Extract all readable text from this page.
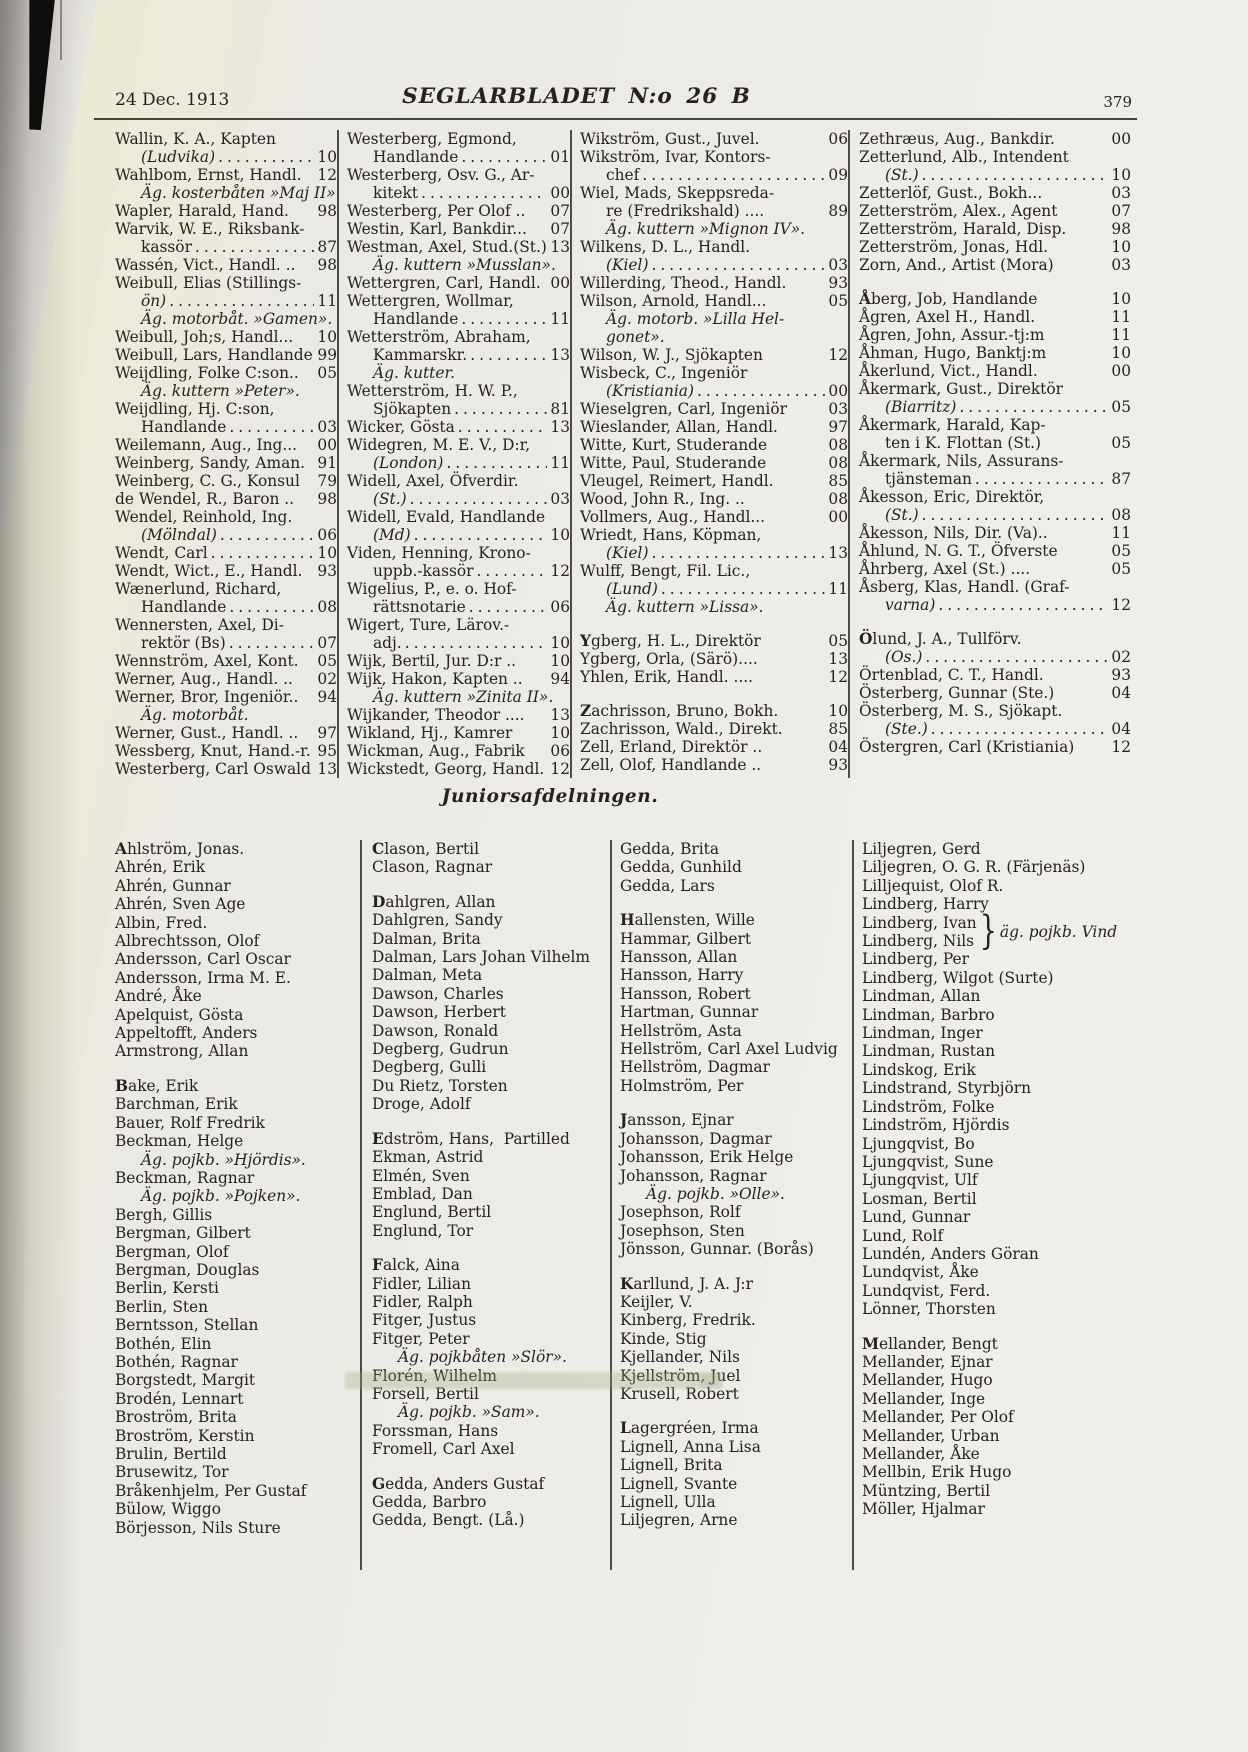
24 Dec. 1913	SEGLARBLADET N:o 26 B	379
Wallin, K. A., Kapten
(Ludvika) .....	10
Wahlbom, Ernst, Handl. 12
Äg. kosterbåten »Maj II».
Wapler, Harald, Hand. 98
Warvik, W. E., Riksbank-
kassör .....	87
Wassén, Vict., Handl. .. 98
Weibull, Elias (Stillings-
ön) .....	11
Äg. motorbåt. »Gamen».
Weibull, Joh;s, Handl... 10
Weibull, Lars, Handlande 99
Weijdling, Folke C:son.. 05
Äg. kuttern »Peter».
Weijdling, Hj. C:son,
Handlande .....	03
Weilemann, Aug., Ing... 00
Weinberg, Sandy, Aman. 91
Weinberg, C. G., Konsul 79
de Wendel, R., Baron .. 98
Wendel, Reinhold, Ing.
(Mölndal) .....	06
Wendt, Carl .....	10
Wendt, Wict., E., Handl. 93
Wænerlund, Richard,
Handlande .....	08
Wennersten, Axel, Di-
rektör (Bs) .....	07
Wennström, Axel, Kont. 05
Werner, Aug., Handl. .. 02
Werner, Bror, Ingeniör.. 94
Äg. motorbåt.
Werner, Gust., Handl. .. 97
Wessberg, Knut, Hand.-r. 95
Westerberg, Carl Oswald 13
Westerberg, Egmond,
Handlande .....	01
Westerberg, Osv. G., Ar-
kitekt .....	00
Westerberg, Per Olof .. 07
Westin, Karl, Bankdir... 07
Westman, Axel, Stud.(St.) 13
Äg. kuttern »Musslan».
Wettergren, Carl, Handl. 00
Wettergren, Wollmar,
Handlande .....	11
Wetterström, Abraham,
Kammarskr. .....	13
Äg. kutter.
Wetterström, H. W. P.,
Sjökapten .....	81
Wicker, Gösta .....	13
Widegren, M. E. V., D:r,
(London) .....	11
Widell, Axel, Öfverdir.
(St.) .....	03
Widell, Evald, Handlande
(Md) .....	10
Viden, Henning, Krono-
uppb.-kassör .....	12
Wigelius, P., e. o. Hof-
rättsnotarie .....	06
Wigert, Ture, Lärov.-
adj. .....	10
Wijk, Bertil, Jur. D:r .. 10
Wijk, Hakon, Kapten .. 94
Äg. kuttern »Zinita II».
Wijkander, Theodor .... 13
Wikland, Hj., Kamrer 10
Wickman, Aug., Fabrik 06
Wickstedt, Georg, Handl. 12
Wikström, Gust., Juvel.	06
Wikström, Ivar, Kontors-
chef .....	09
Wiel, Mads, Skeppsreda-
re (Fredrikshald) ....	89
Äg. kuttern »Mignon IV».
Wilkens, D. L., Handl.
(Kiel) .....	03
Willerding, Theod., Handl.	93
Wilson, Arnold, Handl...	05
Äg. motorb. »Lilla Hel-
gonet».
Wilson, W. J., Sjökapten	12
Wisbeck, C., Ingeniör
(Kristiania) .....	00
Wieselgren, Carl, Ingeniör	03
Wieslander, Allan, Handl.	97
Witte, Kurt, Studerande	08
Witte, Paul, Studerande	08
Vleugel, Reimert, Handl.	85
Wood, John R., Ing. ..	08
Vollmers, Aug., Handl...	00
Wriedt, Hans, Köpman,
(Kiel) .....	13
Wulff, Bengt, Fil. Lic.,
(Lund) .....	11
Äg. kuttern »Lissa».
Ygberg, H. L., Direktör	05
Ygberg, Orla, (Särö)....	13
Yhlen, Erik, Handl. ....	12
Zachrisson, Bruno, Bokh.	10
Zachrisson, Wald., Direkt.	85
Zell, Erland, Direktör ..	04
Zell, Olof, Handlande ..	93
Zethræus, Aug., Bankdir.	00
Zetterlund, Alb., Intendent
(St.) .....	10
Zetterlöf, Gust., Bokh...	03
Zetterström, Alex., Agent	07
Zetterström, Harald, Disp.	98
Zetterström, Jonas, Hdl.	10
Zorn, And., Artist (Mora)	03
Åberg, Job, Handlande	10
Ågren, Axel H., Handl.	11
Ågren, John, Assur.-tj:m	11
Åhman, Hugo, Banktj:m	10
Åkerlund, Vict., Handl.	00
Åkermark, Gust., Direktör
(Biarritz) .....	05
Åkermark, Harald, Kap-
ten i K. Flottan (St.)	05
Åkermark, Nils, Assurans-
tjänsteman .....	87
Åkesson, Eric, Direktör,
(St.) .....	08
Åkesson, Nils, Dir. (Va)..	11
Åhlund, N. G. T., Öfverste	05
Åhrberg, Axel (St.) ....	05
Åsberg, Klas, Handl. (Graf-
varna) .....	12
Ölund, J. A., Tullförv.
(Os.) .....	02
Örtenblad, C. T., Handl.	93
Österberg, Gunnar (Ste.)	04
Österberg, M. S., Sjökapt.
(Ste.) .....	04
Östergren, Carl (Kristiania) 12
Juniorsafdelningen.
Ahlström, Jonas.
Ahrén, Erik
Ahrén, Gunnar
Ahrén, Sven Age
Albin, Fred.
Albrechtsson, Olof
Andersson, Carl Oscar
Andersson, Irma M. E.
André, Åke
Apelquist, Gösta
Appeltofft, Anders
Armstrong, Allan
Bake, Erik
Barchman, Erik
Bauer, Rolf Fredrik
Beckman, Helge
Äg. pojkb. »Hjördis».
Beckman, Ragnar
Äg. pojkb. »Pojken».
Bergh, Gillis
Bergman, Gilbert
Bergman, Olof
Bergman, Douglas
Berlin, Kersti
Berlin, Sten
Berntsson, Stellan
Bothén, Elin
Bothén, Ragnar
Borgstedt, Margit
Brodén, Lennart
Broström, Brita
Broström, Kerstin
Brulin, Bertild
Brusewitz, Tor
Bråkenhjelm, Per Gustaf
Bülow, Wiggo
Börjesson, Nils Sture
Clason, Bertil
Clason, Ragnar
Dahlgren, Allan
Dahlgren, Sandy
Dalman, Brita
Dalman, Lars Johan Vilhelm
Dalman, Meta
Dawson, Charles
Dawson, Herbert
Dawson, Ronald
Degberg, Gudrun
Degberg, Gulli
Du Rietz, Torsten
Droge, Adolf
Edström, Hans,  Partilled
Ekman, Astrid
Elmén, Sven
Emblad, Dan
Englund, Bertil
Englund, Tor
Falck, Aina
Fidler, Lilian
Fidler, Ralph
Fitger, Justus
Fitger, Peter
Äg. pojkbåten »Slör».
Florén, Wilhelm
Forsell, Bertil
Äg. pojkb. »Sam».
Forssman, Hans
Fromell, Carl Axel
Gedda, Anders Gustaf
Gedda, Barbro
Gedda, Bengt. (Lå.)
Gedda, Brita
Gedda, Gunhild
Gedda, Lars
Hallensten, Wille
Hammar, Gilbert
Hansson, Allan
Hansson, Harry
Hansson, Robert
Hartman, Gunnar
Hellström, Asta
Hellström, Carl Axel Ludvig
Hellström, Dagmar
Holmström, Per
Jansson, Ejnar
Johansson, Dagmar
Johansson, Erik Helge
Johansson, Ragnar
Äg. pojkb. »Olle».
Josephson, Rolf
Josephson, Sten
Jönsson, Gunnar. (Borås)
Karllund, J. A. J:r
Keijler, V.
Kinberg, Fredrik.
Kinde, Stig
Kjellander, Nils
Kjellström, Juel
Krusell, Robert
Lagergréen, Irma
Lignell, Anna Lisa
Lignell, Brita
Lignell, Svante
Lignell, Ulla
Liljegren, Arne
Liljegren, Gerd
Liljegren, O. G. R. (Färjenäs)
Lilljequist, Olof R.
Lindberg, Harry
Lindberg, Ivan
Lindberg, Nils } äg. pojkb. Vind
Lindberg, Per
Lindberg, Wilgot (Surte)
Lindman, Allan
Lindman, Barbro
Lindman, Inger
Lindman, Rustan
Lindskog, Erik
Lindstrand, Styrbjörn
Lindström, Folke
Lindström, Hjördis
Ljungqvist, Bo
Ljungqvist, Sune
Ljungqvist, Ulf
Losman, Bertil
Lund, Gunnar
Lund, Rolf
Lundén, Anders Göran
Lundqvist, Åke
Lundqvist, Ferd.
Lönner, Thorsten
Mellander, Bengt
Mellander, Ejnar
Mellander, Hugo
Mellander, Inge
Mellander, Per Olof
Mellander, Urban
Mellander, Åke
Mellbin, Erik Hugo
Müntzing, Bertil
Möller, Hjalmar
